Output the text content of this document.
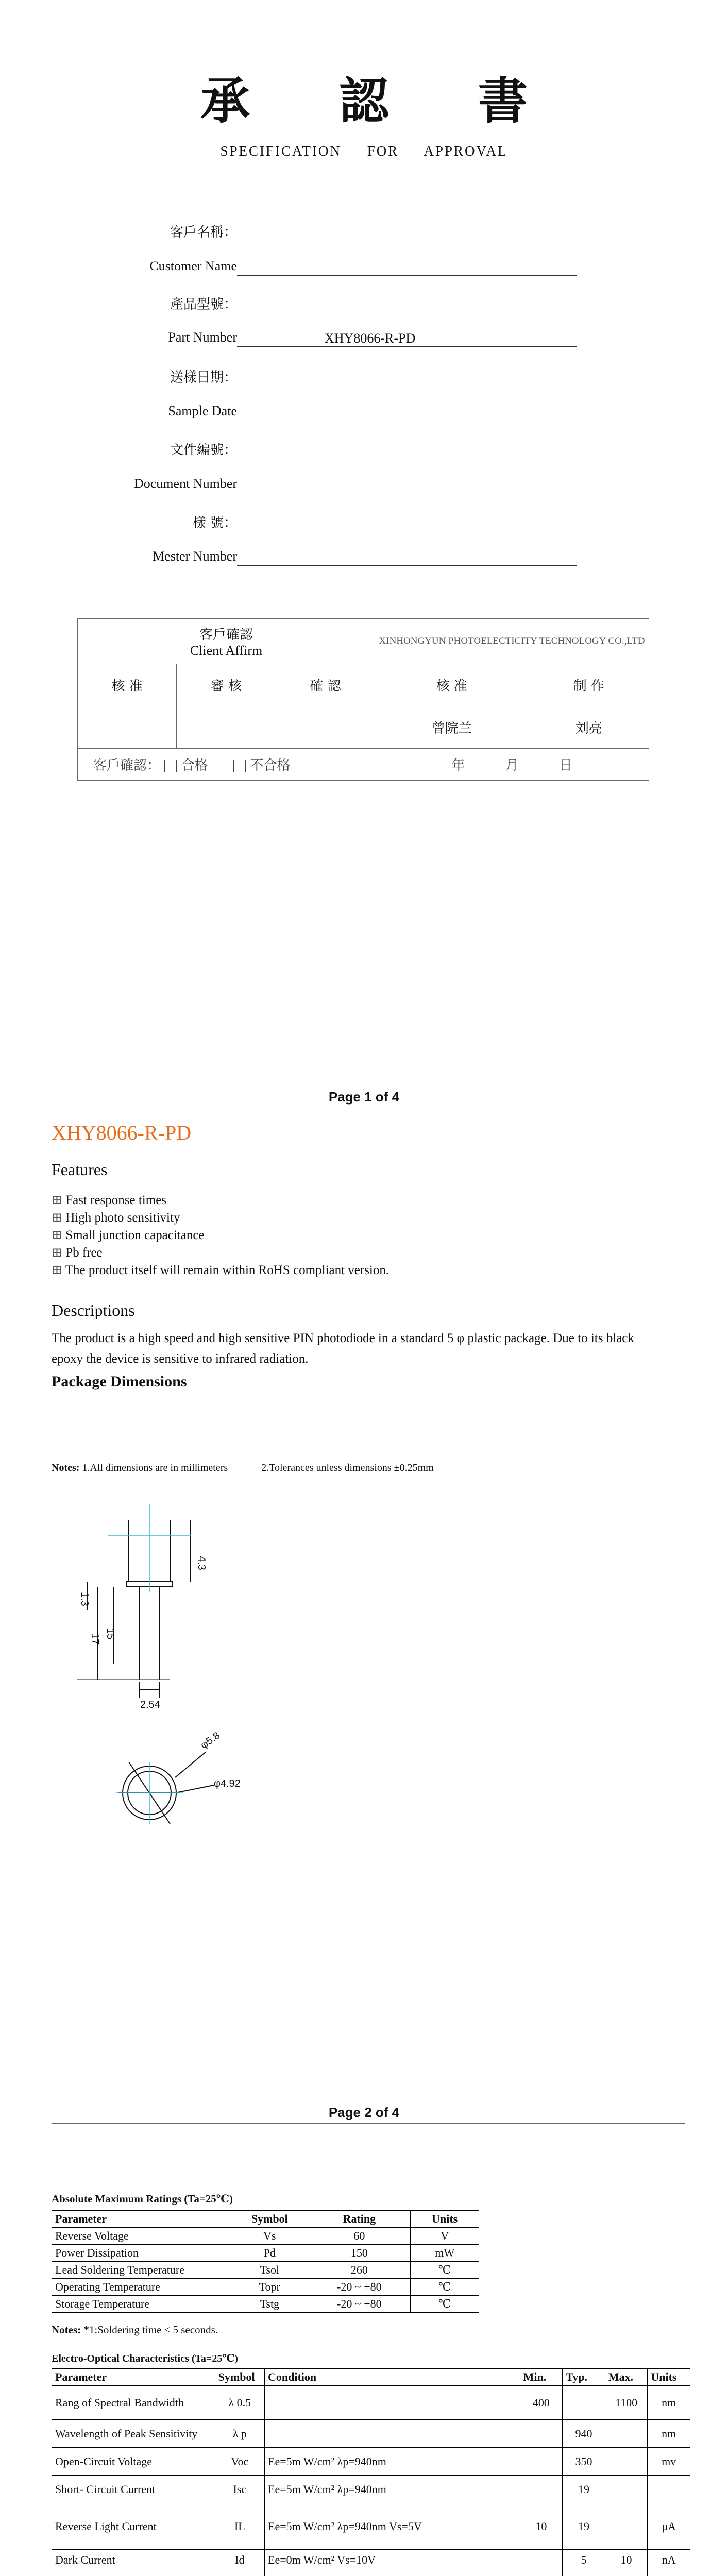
承 認 書
SPECIFICATION FOR APPROVAL
客戶名稱：
Customer Name
產品型號：
Part Number	XHY8066-R-PD
送樣日期：
Sample Date
文件編號：
Document Number
樣 號：
Mester Number
客戶確認
Client Affirm			XINHONGYUN PHOTOELECTICITY TECHNOLOGY CO.,LTD	
核 准	審 核	確 認	核 准	制 作
			曾院兰	刘亮
客戶確認： 合格 不合格			年 月 日	
Page 1 of 4
XHY8066-R-PD
Features
⊞ Fast response times
⊞ High photo sensitivity
⊞ Small junction capacitance
⊞ Pb free
⊞ The product itself will remain within RoHS compliant version.
Descriptions
The product is a high speed and high sensitive PIN photodiode in a standard 5 φ plastic package. Due to its black epoxy the device is sensitive to infrared radiation.
Package Dimensions
Notes: 1.All dimensions are in millimeters	2.Tolerances unless dimensions ±0.25mm
4.3
17 15
1.3
2.54
φ5.8
φ4.92
Page 2 of 4
Absolute Maximum Ratings (Ta=25℃)
Parameter	Symbol	Rating	Units
Reverse Voltage	Vs	60	V
Power Dissipation	Pd	150	mW
Lead Soldering Temperature	Tsol	260	℃
Operating Temperature	Topr	-20 ~ +80	℃
Storage Temperature	Tstg	-20 ~ +80	℃
Notes: *1:Soldering time ≤ 5 seconds.
Electro-Optical Characteristics (Ta=25℃)
Parameter	Symbol	Condition	Min.	Typ.	Max.	Units
Rang of Spectral Bandwidth	λ 0.5		400		1100	nm
Wavelength of Peak Sensitivity	λ p			940		nm
Open-Circuit Voltage	Voc	Ee=5m W/cm² λp=940nm		350		mv
Short- Circuit Current	Isc	Ee=5m W/cm² λp=940nm		19		
Reverse Light Current	IL	Ee=5m W/cm² λp=940nm Vs=5V	10	19		μA
Dark Current	Id	Ee=0m W/cm² Vs=10V		5	10	nA
